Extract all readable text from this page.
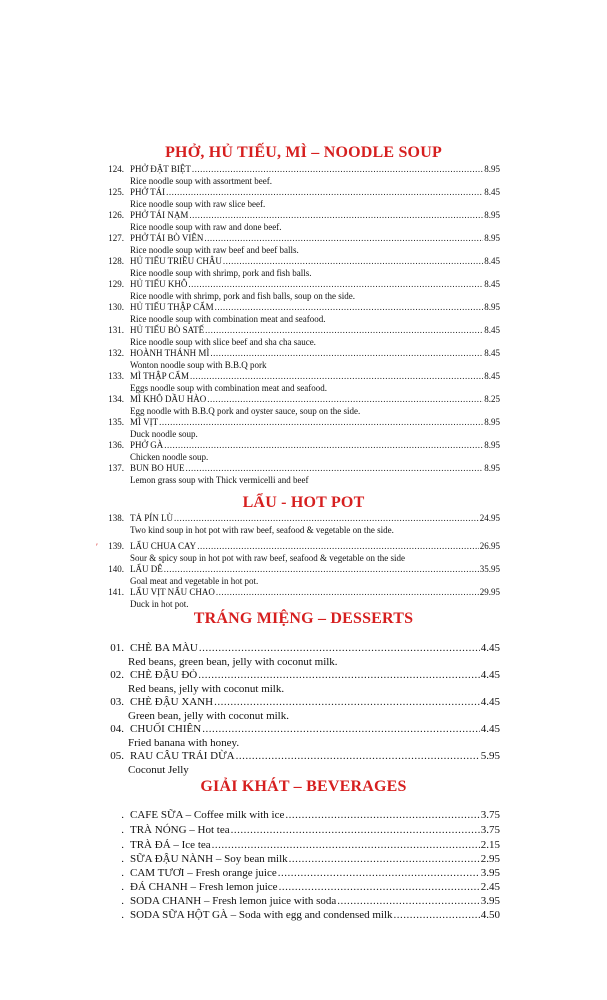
PHỞ, HỦ TIẾU, MÌ – NOODLE SOUP
124. PHỞ ĐẶT BIỆT .....	8.95
Rice noodle soup with assortment beef.
125. PHỞ TÁI .....	8.45
Rice noodle soup with raw slice beef.
126. PHỞ TÁI NẠM .....	8.95
Rice noodle soup with raw and done beef.
127. PHỞ TÁI BÒ VIÊN .....	8.95
Rice noodle soup with raw beef and beef balls.
128. HỦ TIẾU TRIỀU CHÂU .....	8.45
Rice noodle soup with shrimp, pork and fish balls.
129. HỦ TIẾU KHÔ .....	8.45
Rice noodle with shrimp, pork and fish balls, soup on the side.
130. HỦ TIẾU THẬP CẨM .....	8.95
Rice noodle soup with combination meat and seafood.
131. HỦ TIẾU BÒ SATẾ .....	8.45
Rice noodle soup with slice beef and sha cha sauce.
132. HOÀNH THÁNH MÌ .....	8.45
Wonton noodle soup with B.B.Q pork
133. MÌ THẬP CẨM .....	8.45
Eggs noodle soup with combination meat and seafood.
134. MÌ KHÔ DẦU HÀO .....	8.25
Egg noodle with B.B.Q pork and oyster sauce, soup on the side.
135. MÌ VỊT .....	8.95
Duck noodle soup.
136. PHỞ GÀ .....	8.95
Chicken noodle soup.
137. BUN BO HUE .....	8.95
Lemon grass soup with Thick vermicelli and beef
LẨU - HOT POT
138. TẢ PÍN LÙ .....	24.95
Two kind soup in hot pot with raw beef, seafood & vegetable on the side.
′	139. LẨU CHUA CAY .....	26.95
Sour & spicy soup in hot pot with raw beef, seafood & vegetable on the side
140. LẨU DÊ .....	35.95
Goal meat and vegetable in hot pot.
141. LẨU VỊT NẤU CHAO .....	29.95
Duck in hot pot.
TRÁNG MIỆNG – DESSERTS
01. CHÈ BA MÀU .....	4.45
Red beans, green bean, jelly with coconut milk.
02. CHÈ ĐẬU ĐỎ .....	4.45
Red beans, jelly with coconut milk.
03. CHÈ ĐẬU XANH .....	4.45
Green bean, jelly with coconut milk.
04. CHUỐI CHIÊN .....	4.45
Fried banana with honey.
05. RAU CÂU TRÁI DỪA .....	5.95
Coconut Jelly
GIẢI KHÁT – BEVERAGES
. CAFE SỮA – Coffee milk with ice .....	3.75
. TRÀ NÓNG – Hot tea .....	3.75
. TRÀ ĐÁ – Ice tea .....	2.15
. SỮA ĐẬU NÀNH – Soy bean milk .....	2.95
. CAM TƯƠI – Fresh orange juice .....	3.95
. ĐÁ CHANH – Fresh lemon juice .....	2.45
. SODA CHANH – Fresh lemon juice with soda .....	3.95
. SODA SỮA HỘT GÀ – Soda with egg and condensed milk .....	4.50
